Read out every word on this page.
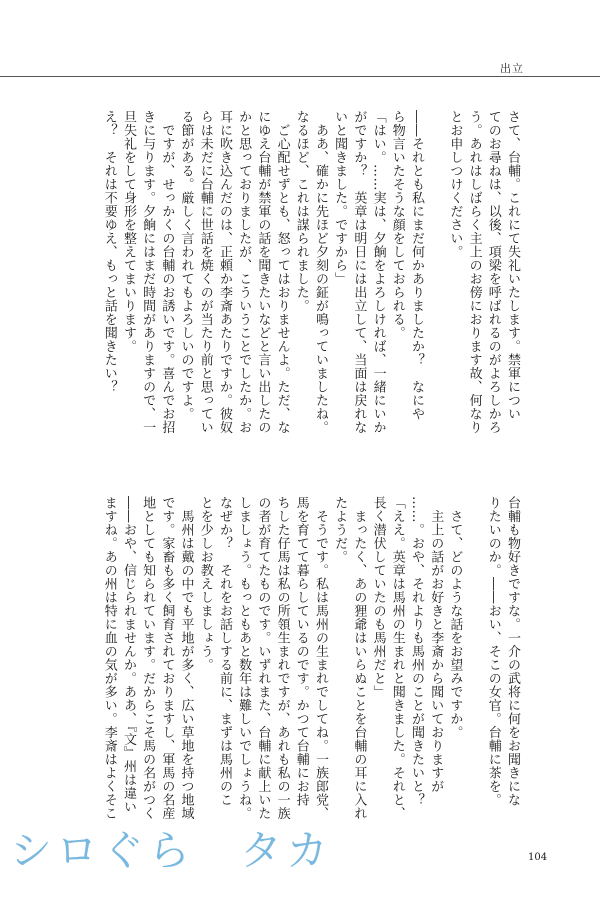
出立

さて、台輔。これにて失礼いたします。禁軍につい

てのお尋ねは、以後、項梁を呼ばれるのがよろしかろ

う。あれはしばらく主上のお傍におります故、何なり

とお申しつけください。

――それとも私にまだ何かありましたか？　なにや

ら物言いたそうな顔をしておられる。

「はい。……実は、夕餉をよろしければ、一緒にいか

がですか？　英章は明日には出立して、当面は戻れな

いと聞きました。ですから」

　ああ、確かに先ほど夕刻の鉦が鳴っていましたね。

なるほど、これは謀られました。

　ご心配せずとも、怒ってはおりませんよ。ただ、な

にゆえ台輔が禁軍の話を聞きたいなどと言い出したの

かと思っておりましたが、こういうことでしたか。お

耳に吹き込んだのは、正頼か李斎あたりですか。彼奴

らは未だに台輔に世話を焼くのが当たり前と思ってい

る節がある。厳しく言われてもよろしいのですよ。

　ですが、せっかくの台輔のお誘いです。喜んでお招

きに与ります。夕餉にはまだ時間がありますので、一

旦失礼をして身形を整えてまいります。

え？　それは不要ゆえ、もっと話を聞きたい？

台輔も物好きですな。一介の武将に何をお聞きにな

りたいのか。――おい、そこの女官。台輔に茶を。

　さて、どのような話をお望みですか。

　主上の話がお好きと李斎から聞いておりますが

……。おや、それよりも馬州のことが聞きたいと？

「ええ。英章は馬州の生まれと聞きました。それと、

長く潜伏していたのも馬州だと」

　まったく、あの狸爺はいらぬことを台輔の耳に入れ

たようだ。

　そうです。私は馬州の生まれでしてね。一族郎党、

馬を育てて暮らしているのです。かつて台輔にお持

ちした仔馬は私の所領生まれですが、あれも私の一族

の者が育てたものです。いずれまた、台輔に献上いた

しましょう。もっともあと数年は難しいでしょうね。

なぜか？　それをお話しする前に、まずは馬州のこ

とを少しお教えしましょう。

　馬州は戴の中でも平地が多く、広い草地を持つ地域

です。家畜も多く飼育されておりますし、軍馬の名産

地としても知られています。だからこそ馬の名がつく

――おや、信じられませんか。ああ、『文』州は違い

ますね。あの州は特に血の気が多い。李斎はよくそこ

シロぐら　タカ	104
